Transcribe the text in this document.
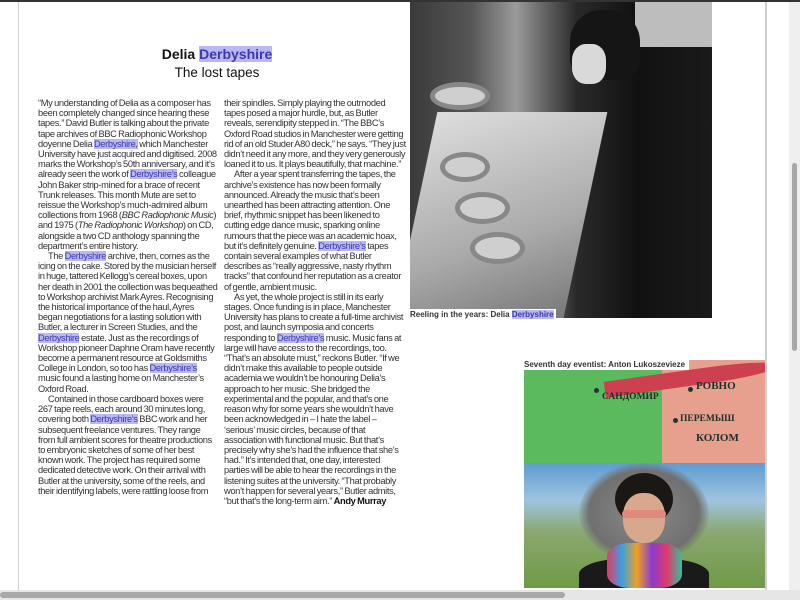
Delia Derbyshire
The lost tapes

“My understanding of Delia as a composer has been completely changed since hearing these tapes.” David Butler is talking about the private tape archives of BBC Radiophonic Workshop doyenne Delia Derbyshire, which Manchester University have just acquired and digitised. 2008 marks the Workshop’s 50th anniversary, and it’s already seen the work of Derbyshire’s colleague John Baker strip-mined for a brace of recent Trunk releases. This month Mute are set to reissue the Workshop’s much-admired album collections from 1968 (BBC Radiophonic Music) and 1975 (The Radiophonic Workshop) on CD, alongside a two CD anthology spanning the department’s entire history.

The Derbyshire archive, then, comes as the icing on the cake. Stored by the musician herself in huge, tattered Kellogg’s cereal boxes, upon her death in 2001 the collection was bequeathed to Workshop archivist Mark Ayres. Recognising the historical importance of the haul, Ayres began negotiations for a lasting solution with Butler, a lecturer in Screen Studies, and the Derbyshire estate. Just as the recordings of Workshop pioneer Daphne Oram have recently become a permanent resource at Goldsmiths College in London, so too has Derbyshire’s music found a lasting home on Manchester’s Oxford Road.

Contained in those cardboard boxes were 267 tape reels, each around 30 minutes long, covering both Derbyshire’s BBC work and her subsequent freelance ventures. They range from full ambient scores for theatre productions to embryonic sketches of some of her best known work. The project has required some dedicated detective work. On their arrival with Butler at the university, some of the reels, and their identifying labels, were rattling loose from

their spindles. Simply playing the outmoded tapes posed a major hurdle, but, as Butler reveals, serendipity stepped in. “The BBC’s Oxford Road studios in Manchester were getting rid of an old Studer A80 deck,” he says. “They just didn’t need it any more, and they very generously loaned it to us. It plays beautifully, that machine.”

After a year spent transferring the tapes, the archive’s existence has now been formally announced. Already the music that’s been unearthed has been attracting attention. One brief, rhythmic snippet has been likened to cutting edge dance music, sparking online rumours that the piece was an academic hoax, but it’s definitely genuine. Derbyshire’s tapes contain several examples of what Butler describes as “really aggressive, nasty rhythm tracks” that confound her reputation as a creator of gentle, ambient music.

As yet, the whole project is still in its early stages. Once funding is in place, Manchester University has plans to create a full-time archivist post, and launch symposia and concerts responding to Derbyshire’s music. Music fans at large will have access to the recordings, too. “That’s an absolute must,” reckons Butler. “If we didn’t make this available to people outside academia we wouldn’t be honouring Delia’s approach to her music. She bridged the experimental and the popular, and that’s one reason why for some years she wouldn’t have been acknowledged in – I hate the label – ‘serious’ music circles, because of that association with functional music. But that’s precisely why she’s had the influence that she’s had.” It’s intended that, one day, interested parties will be able to hear the recordings in the listening suites at the university. “That probably won’t happen for several years,” Butler admits, “but that’s the long-term aim.” Andy Murray

Reeling in the years: Delia Derbyshire
САНДОМИР
РОВНО
ПЕРЕМЫШ
КОЛОМ
Seventh day eventist: Anton Lukoszevieze
